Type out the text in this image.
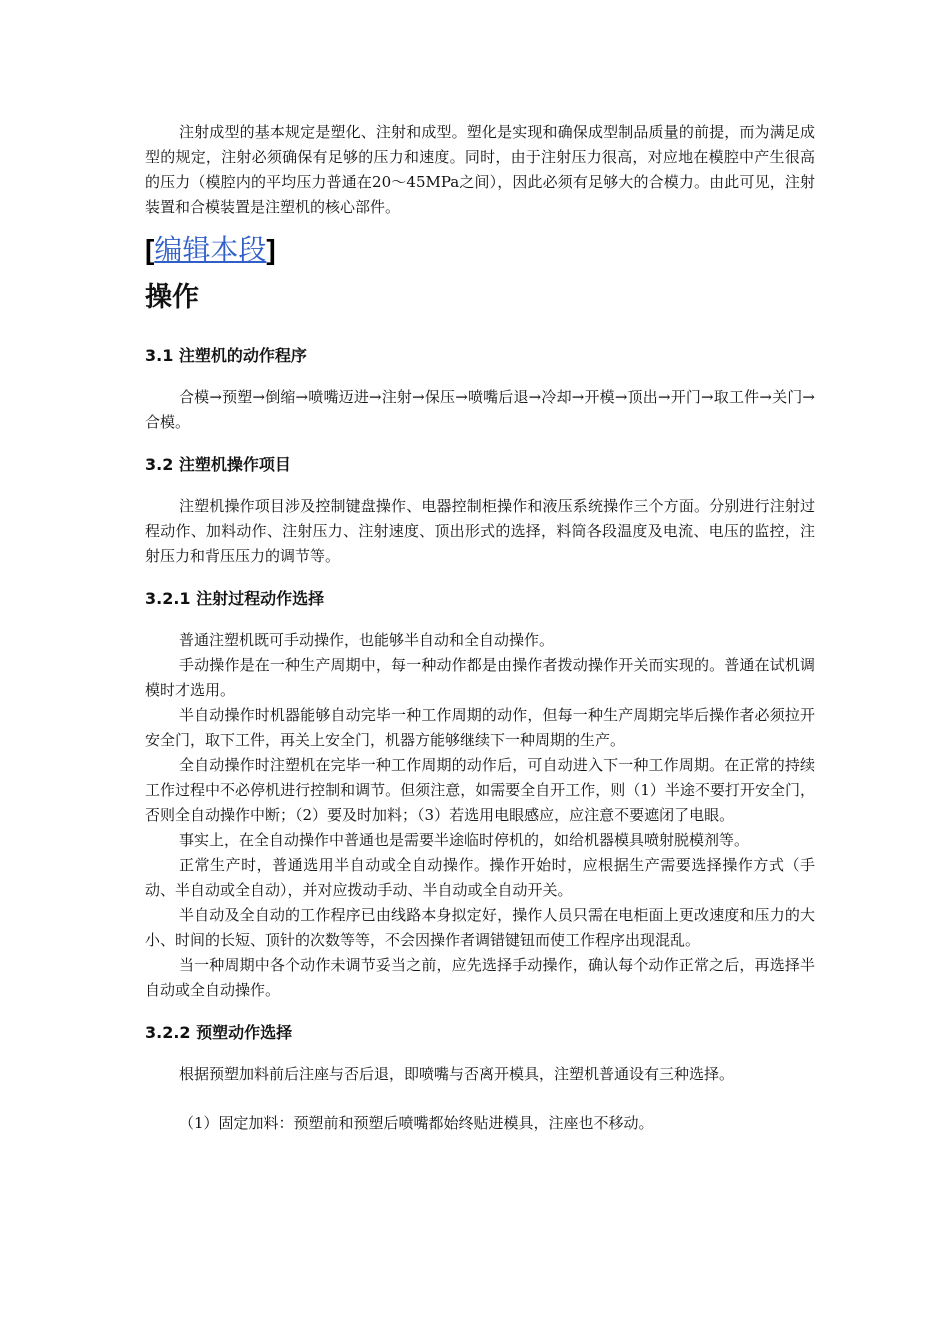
注射成型的基本规定是塑化、注射和成型。塑化是实现和确保成型制品质量的前提，而为满足成型的规定，注射必须确保有足够的压力和速度。同时，由于注射压力很高，对应地在模腔中产生很高的压力（模腔内的平均压力普通在20～45MPa之间），因此必须有足够大的合模力。由此可见，注射装置和合模装置是注塑机的核心部件。

[编辑本段]
操作
3.1 注塑机的动作程序

合模→预塑→倒缩→喷嘴迈进→注射→保压→喷嘴后退→冷却→开模→顶出→开门→取工件→关门→合模。

3.2 注塑机操作项目

注塑机操作项目涉及控制键盘操作、电器控制柜操作和液压系统操作三个方面。分别进行注射过程动作、加料动作、注射压力、注射速度、顶出形式的选择，料筒各段温度及电流、电压的监控，注射压力和背压压力的调节等。

3.2.1 注射过程动作选择

普通注塑机既可手动操作，也能够半自动和全自动操作。

手动操作是在一种生产周期中，每一种动作都是由操作者拨动操作开关而实现的。普通在试机调模时才选用。

半自动操作时机器能够自动完毕一种工作周期的动作，但每一种生产周期完毕后操作者必须拉开安全门，取下工件，再关上安全门，机器方能够继续下一种周期的生产。

全自动操作时注塑机在完毕一种工作周期的动作后，可自动进入下一种工作周期。在正常的持续工作过程中不必停机进行控制和调节。但须注意，如需要全自开工作，则（1）半途不要打开安全门，否则全自动操作中断；（2）要及时加料；（3）若选用电眼感应，应注意不要遮闭了电眼。

事实上，在全自动操作中普通也是需要半途临时停机的，如给机器模具喷射脱模剂等。

正常生产时，普通选用半自动或全自动操作。操作开始时，应根据生产需要选择操作方式（手动、半自动或全自动），并对应拨动手动、半自动或全自动开关。

半自动及全自动的工作程序已由线路本身拟定好，操作人员只需在电柜面上更改速度和压力的大小、时间的长短、顶针的次数等等，不会因操作者调错键钮而使工作程序出现混乱。

当一种周期中各个动作未调节妥当之前，应先选择手动操作，确认每个动作正常之后，再选择半自动或全自动操作。

3.2.2 预塑动作选择

根据预塑加料前后注座与否后退，即喷嘴与否离开模具，注塑机普通设有三种选择。

（1）固定加料：预塑前和预塑后喷嘴都始终贴进模具，注座也不移动。
